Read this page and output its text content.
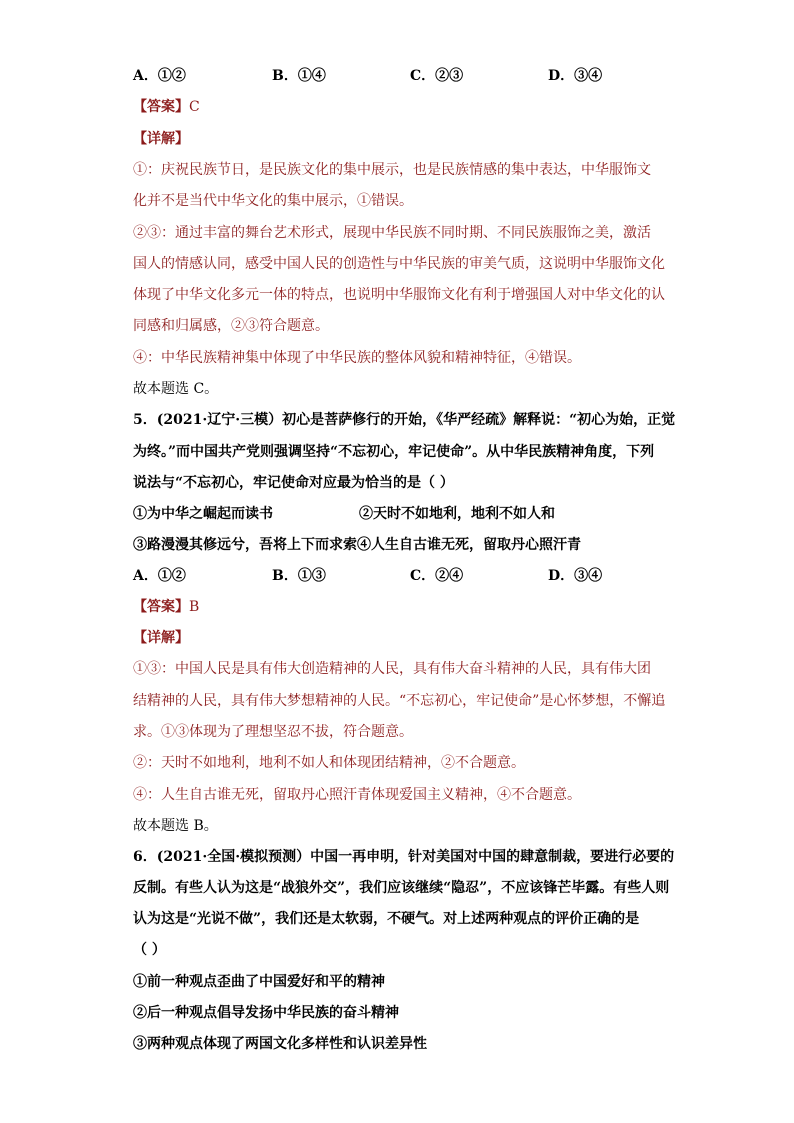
A．①②	B．①④	C．②③	D．③④
【答案】C
【详解】
①：庆祝民族节日，是民族文化的集中展示，也是民族情感的集中表达，中华服饰文
化并不是当代中华文化的集中展示，①错误。
②③：通过丰富的舞台艺术形式，展现中华民族不同时期、不同民族服饰之美，激活
国人的情感认同，感受中国人民的创造性与中华民族的审美气质，这说明中华服饰文化
体现了中华文化多元一体的特点，也说明中华服饰文化有利于增强国人对中华文化的认
同感和归属感，②③符合题意。
④：中华民族精神集中体现了中华民族的整体风貌和精神特征，④错误。
故本题选 C。
5．(2021·辽宁·三模）初心是菩萨修行的开始，《华严经疏》解释说：“初心为始，正觉
为终。”而中国共产党则强调坚持“不忘初心，牢记使命”。从中华民族精神角度，下列
说法与“不忘初心，牢记使命对应最为恰当的是（ ）
①为中华之崛起而读书	②天时不如地利，地利不如人和
③路漫漫其修远兮，吾将上下而求索④人生自古谁无死，留取丹心照汗青
A．①②	B．①③	C．②④	D．③④
【答案】B
【详解】
①③：中国人民是具有伟大创造精神的人民，具有伟大奋斗精神的人民，具有伟大团
结精神的人民，具有伟大梦想精神的人民。“不忘初心，牢记使命”是心怀梦想，不懈追
求。①③体现为了理想坚忍不拔，符合题意。
②：天时不如地利，地利不如人和体现团结精神，②不合题意。
④：人生自古谁无死，留取丹心照汗青体现爱国主义精神，④不合题意。
故本题选 B。
6．(2021·全国·模拟预测）中国一再申明，针对美国对中国的肆意制裁，要进行必要的
反制。有些人认为这是“战狼外交”，我们应该继续“隐忍”，不应该锋芒毕露。有些人则
认为这是“光说不做”，我们还是太软弱，不硬气。对上述两种观点的评价正确的是
（ ）
①前一种观点歪曲了中国爱好和平的精神
②后一种观点倡导发扬中华民族的奋斗精神
③两种观点体现了两国文化多样性和认识差异性
